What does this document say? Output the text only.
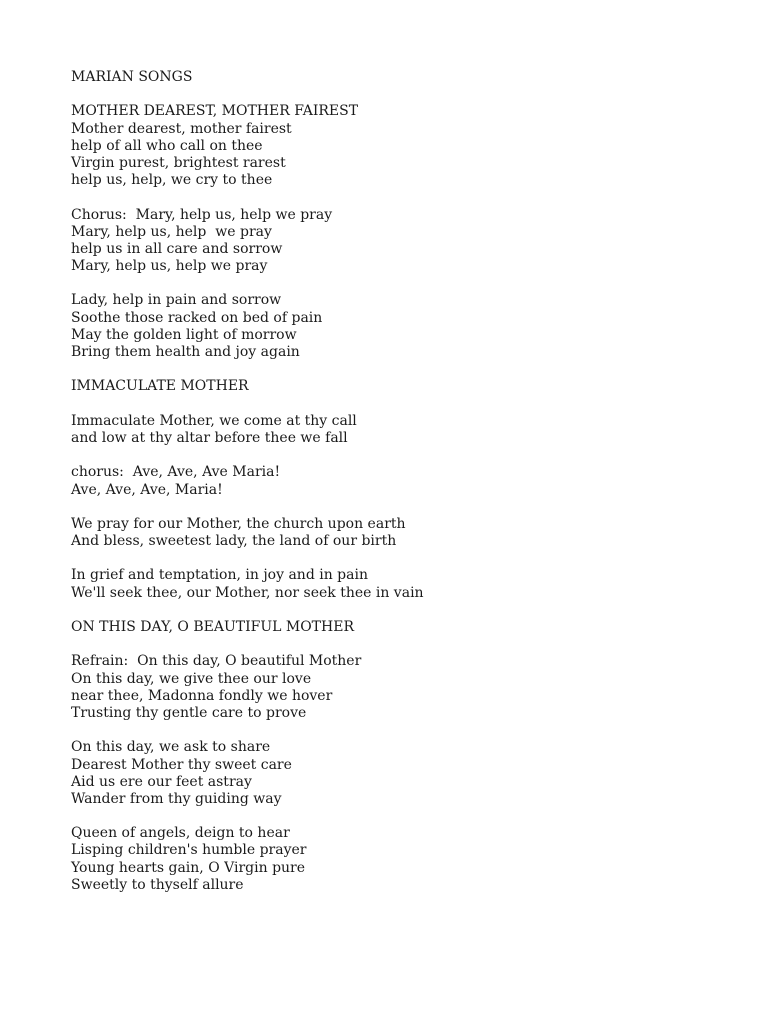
MARIAN SONGS
MOTHER DEAREST, MOTHER FAIREST
Mother dearest, mother fairest
help of all who call on thee
Virgin purest, brightest rarest
help us, help, we cry to thee
Chorus:  Mary, help us, help we pray
Mary, help us, help  we pray
help us in all care and sorrow
Mary, help us, help we pray
Lady, help in pain and sorrow
Soothe those racked on bed of pain
May the golden light of morrow
Bring them health and joy again
IMMACULATE MOTHER
Immaculate Mother, we come at thy call
and low at thy altar before thee we fall
chorus:  Ave, Ave, Ave Maria!
Ave, Ave, Ave, Maria!
We pray for our Mother, the church upon earth
And bless, sweetest lady, the land of our birth
In grief and temptation, in joy and in pain
We'll seek thee, our Mother, nor seek thee in vain
ON THIS DAY, O BEAUTIFUL MOTHER
Refrain:  On this day, O beautiful Mother
On this day, we give thee our love
near thee, Madonna fondly we hover
Trusting thy gentle care to prove
On this day, we ask to share
Dearest Mother thy sweet care
Aid us ere our feet astray
Wander from thy guiding way
Queen of angels, deign to hear
Lisping children's humble prayer
Young hearts gain, O Virgin pure
Sweetly to thyself allure
